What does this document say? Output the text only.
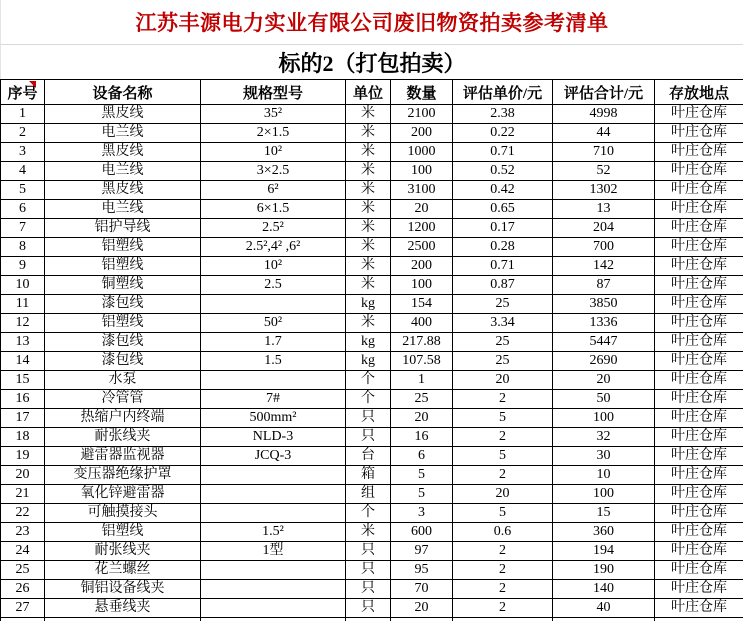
江苏丰源电力实业有限公司废旧物资拍卖参考清单
标的2（打包拍卖）
序号	设备名称	规格型号	单位	数量	评估单价/元	评估合计/元	存放地点
1	黑皮线	35²	米	2100	2.38	4998	叶庄仓库
2	电兰线	2×1.5	米	200	0.22	44	叶庄仓库
3	黑皮线	10²	米	1000	0.71	710	叶庄仓库
4	电兰线	3×2.5	米	100	0.52	52	叶庄仓库
5	黑皮线	6²	米	3100	0.42	1302	叶庄仓库
6	电兰线	6×1.5	米	20	0.65	13	叶庄仓库
7	铝护导线	2.5²	米	1200	0.17	204	叶庄仓库
8	铝塑线	2.5²,4² ,6²	米	2500	0.28	700	叶庄仓库
9	铝塑线	10²	米	200	0.71	142	叶庄仓库
10	铜塑线	2.5	米	100	0.87	87	叶庄仓库
11	漆包线		kg	154	25	3850	叶庄仓库
12	铝塑线	50²	米	400	3.34	1336	叶庄仓库
13	漆包线	1.7	kg	217.88	25	5447	叶庄仓库
14	漆包线	1.5	kg	107.58	25	2690	叶庄仓库
15	水泵		个	1	20	20	叶庄仓库
16	冷管管	7#	个	25	2	50	叶庄仓库
17	热缩户内终端	500mm²	只	20	5	100	叶庄仓库
18	耐张线夹	NLD-3	只	16	2	32	叶庄仓库
19	避雷器监视器	JCQ-3	台	6	5	30	叶庄仓库
20	变压器绝缘护罩		箱	5	2	10	叶庄仓库
21	氧化锌避雷器		组	5	20	100	叶庄仓库
22	可触摸接头		个	3	5	15	叶庄仓库
23	铝塑线	1.5²	米	600	0.6	360	叶庄仓库
24	耐张线夹	1型	只	97	2	194	叶庄仓库
25	花兰螺丝		只	95	2	190	叶庄仓库
26	铜铝设备线夹		只	70	2	140	叶庄仓库
27	悬垂线夹		只	20	2	40	叶庄仓库
